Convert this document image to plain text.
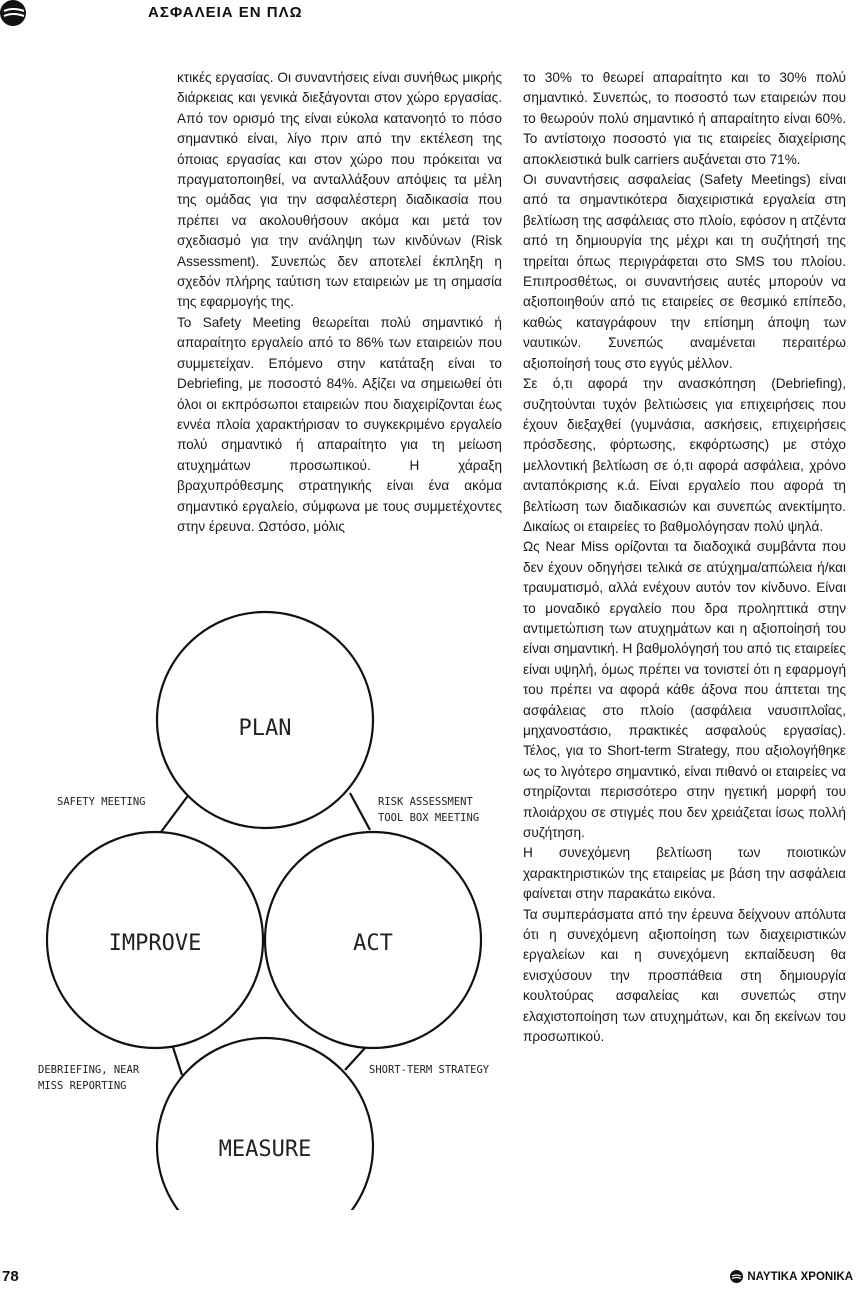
ΑΣΦΑΛΕΙΑ ΕΝ ΠΛΩ

κτικές εργασίας. Οι συναντήσεις είναι συνήθως μικρής διάρκειας και γενικά διεξάγονται στον χώρο εργασίας. Από τον ορισμό της είναι εύκολα κατανοητό το πόσο σημαντικό είναι, λίγο πριν από την εκτέλεση της όποιας εργασίας και στον χώρο που πρόκειται να πραγματοποιηθεί, να ανταλλάξουν απόψεις τα μέλη της ομάδας για την ασφαλέστερη διαδικασία που πρέπει να ακολουθήσουν ακόμα και μετά τον σχεδιασμό για την ανάληψη των κινδύνων (Risk Assessment). Συνεπώς δεν αποτελεί έκπληξη η σχεδόν πλήρης ταύτιση των εταιρειών με τη σημασία της εφαρμογής της.

Το Safety Meeting θεωρείται πολύ σημαντικό ή απαραίτητο εργαλείο από το 86% των εταιρειών που συμμετείχαν. Επόμενο στην κατάταξη είναι το Debriefing, με ποσοστό 84%. Αξίζει να σημειωθεί ότι όλοι οι εκπρόσωποι εταιρειών που διαχειρίζονται έως εννέα πλοία χαρακτήρισαν το συγκεκριμένο εργαλείο πολύ σημαντικό ή απαραίτητο για τη μείωση ατυχημάτων προσωπικού. Η χάραξη βραχυπρόθεσμης στρατηγικής είναι ένα ακόμα σημαντικό εργαλείο, σύμφωνα με τους συμμετέχοντες στην έρευνα. Ωστόσο, μόλις

το 30% το θεωρεί απαραίτητο και το 30% πολύ σημαντικό. Συνεπώς, το ποσοστό των εταιρειών που το θεωρούν πολύ σημαντικό ή απαραίτητο είναι 60%. Το αντίστοιχο ποσοστό για τις εταιρείες διαχείρισης αποκλειστικά bulk carriers αυξάνεται στο 71%.

Οι συναντήσεις ασφαλείας (Safety Meetings) είναι από τα σημαντικότερα διαχειριστικά εργαλεία στη βελτίωση της ασφάλειας στο πλοίο, εφόσον η ατζέντα από τη δημιουργία της μέχρι και τη συζήτησή της τηρείται όπως περιγράφεται στο SMS του πλοίου. Επιπροσθέτως, οι συναντήσεις αυτές μπορούν να αξιοποιηθούν από τις εταιρείες σε θεσμικό επίπεδο, καθώς καταγράφουν την επίσημη άποψη των ναυτικών. Συνεπώς αναμένεται περαιτέρω αξιοποίησή τους στο εγγύς μέλλον.

Σε ό,τι αφορά την ανασκόπηση (Debriefing), συζητούνται τυχόν βελτιώσεις για επιχειρήσεις που έχουν διεξαχθεί (γυμνάσια, ασκήσεις, επιχειρήσεις πρόσδεσης, φόρτωσης, εκφόρτωσης) με στόχο μελλοντική βελτίωση σε ό,τι αφορά ασφάλεια, χρόνο ανταπόκρισης κ.ά. Είναι εργαλείο που αφορά τη βελτίωση των διαδικασιών και συνεπώς ανεκτίμητο. Δικαίως οι εταιρείες το βαθμολόγησαν πολύ ψηλά.

Ως Near Miss ορίζονται τα διαδοχικά συμβάντα που δεν έχουν οδηγήσει τελικά σε ατύχημα/απώλεια ή/και τραυματισμό, αλλά ενέχουν αυτόν τον κίνδυνο. Είναι το μοναδικό εργαλείο που δρα προληπτικά στην αντιμετώπιση των ατυχημάτων και η αξιοποίησή του είναι σημαντική. Η βαθμολόγησή του από τις εταιρείες είναι υψηλή, όμως πρέπει να τονιστεί ότι η εφαρμογή του πρέπει να αφορά κάθε άξονα που άπτεται της ασφάλειας στο πλοίο (ασφάλεια ναυσιπλοΐας, μηχανοστάσιο, πρακτικές ασφαλούς εργασίας). Τέλος, για το Short-term Strategy, που αξιολογήθηκε ως το λιγότερο σημαντικό, είναι πιθανό οι εταιρείες να στηρίζονται περισσότερο στην ηγετική μορφή του πλοιάρχου σε στιγμές που δεν χρειάζεται ίσως πολλή συζήτηση.

Η συνεχόμενη βελτίωση των ποιοτικών χαρακτηριστικών της εταιρείας με βάση την ασφάλεια φαίνεται στην παρακάτω εικόνα.

Τα συμπεράσματα από την έρευνα δείχνουν απόλυτα ότι η συνεχόμενη αξιοποίηση των διαχειριστικών εργαλείων και η συνεχόμενη εκπαίδευση θα ενισχύσουν την προσπάθεια στη δημιουργία κουλτούρας ασφαλείας και συνεπώς στην ελαχιστοποίηση των ατυχημάτων, και δη εκείνων του προσωπικού.

PLAN
IMPROVE	ACT
MEASURE
SAFETY MEETING	RISK ASSESSMENT
TOOL BOX MEETING
DEBRIEFING, NEAR
MISS REPORTING
SHORT-TERM STRATEGY
78	ΝΑΥΤΙΚΑ ΧΡΟΝΙΚΑ
